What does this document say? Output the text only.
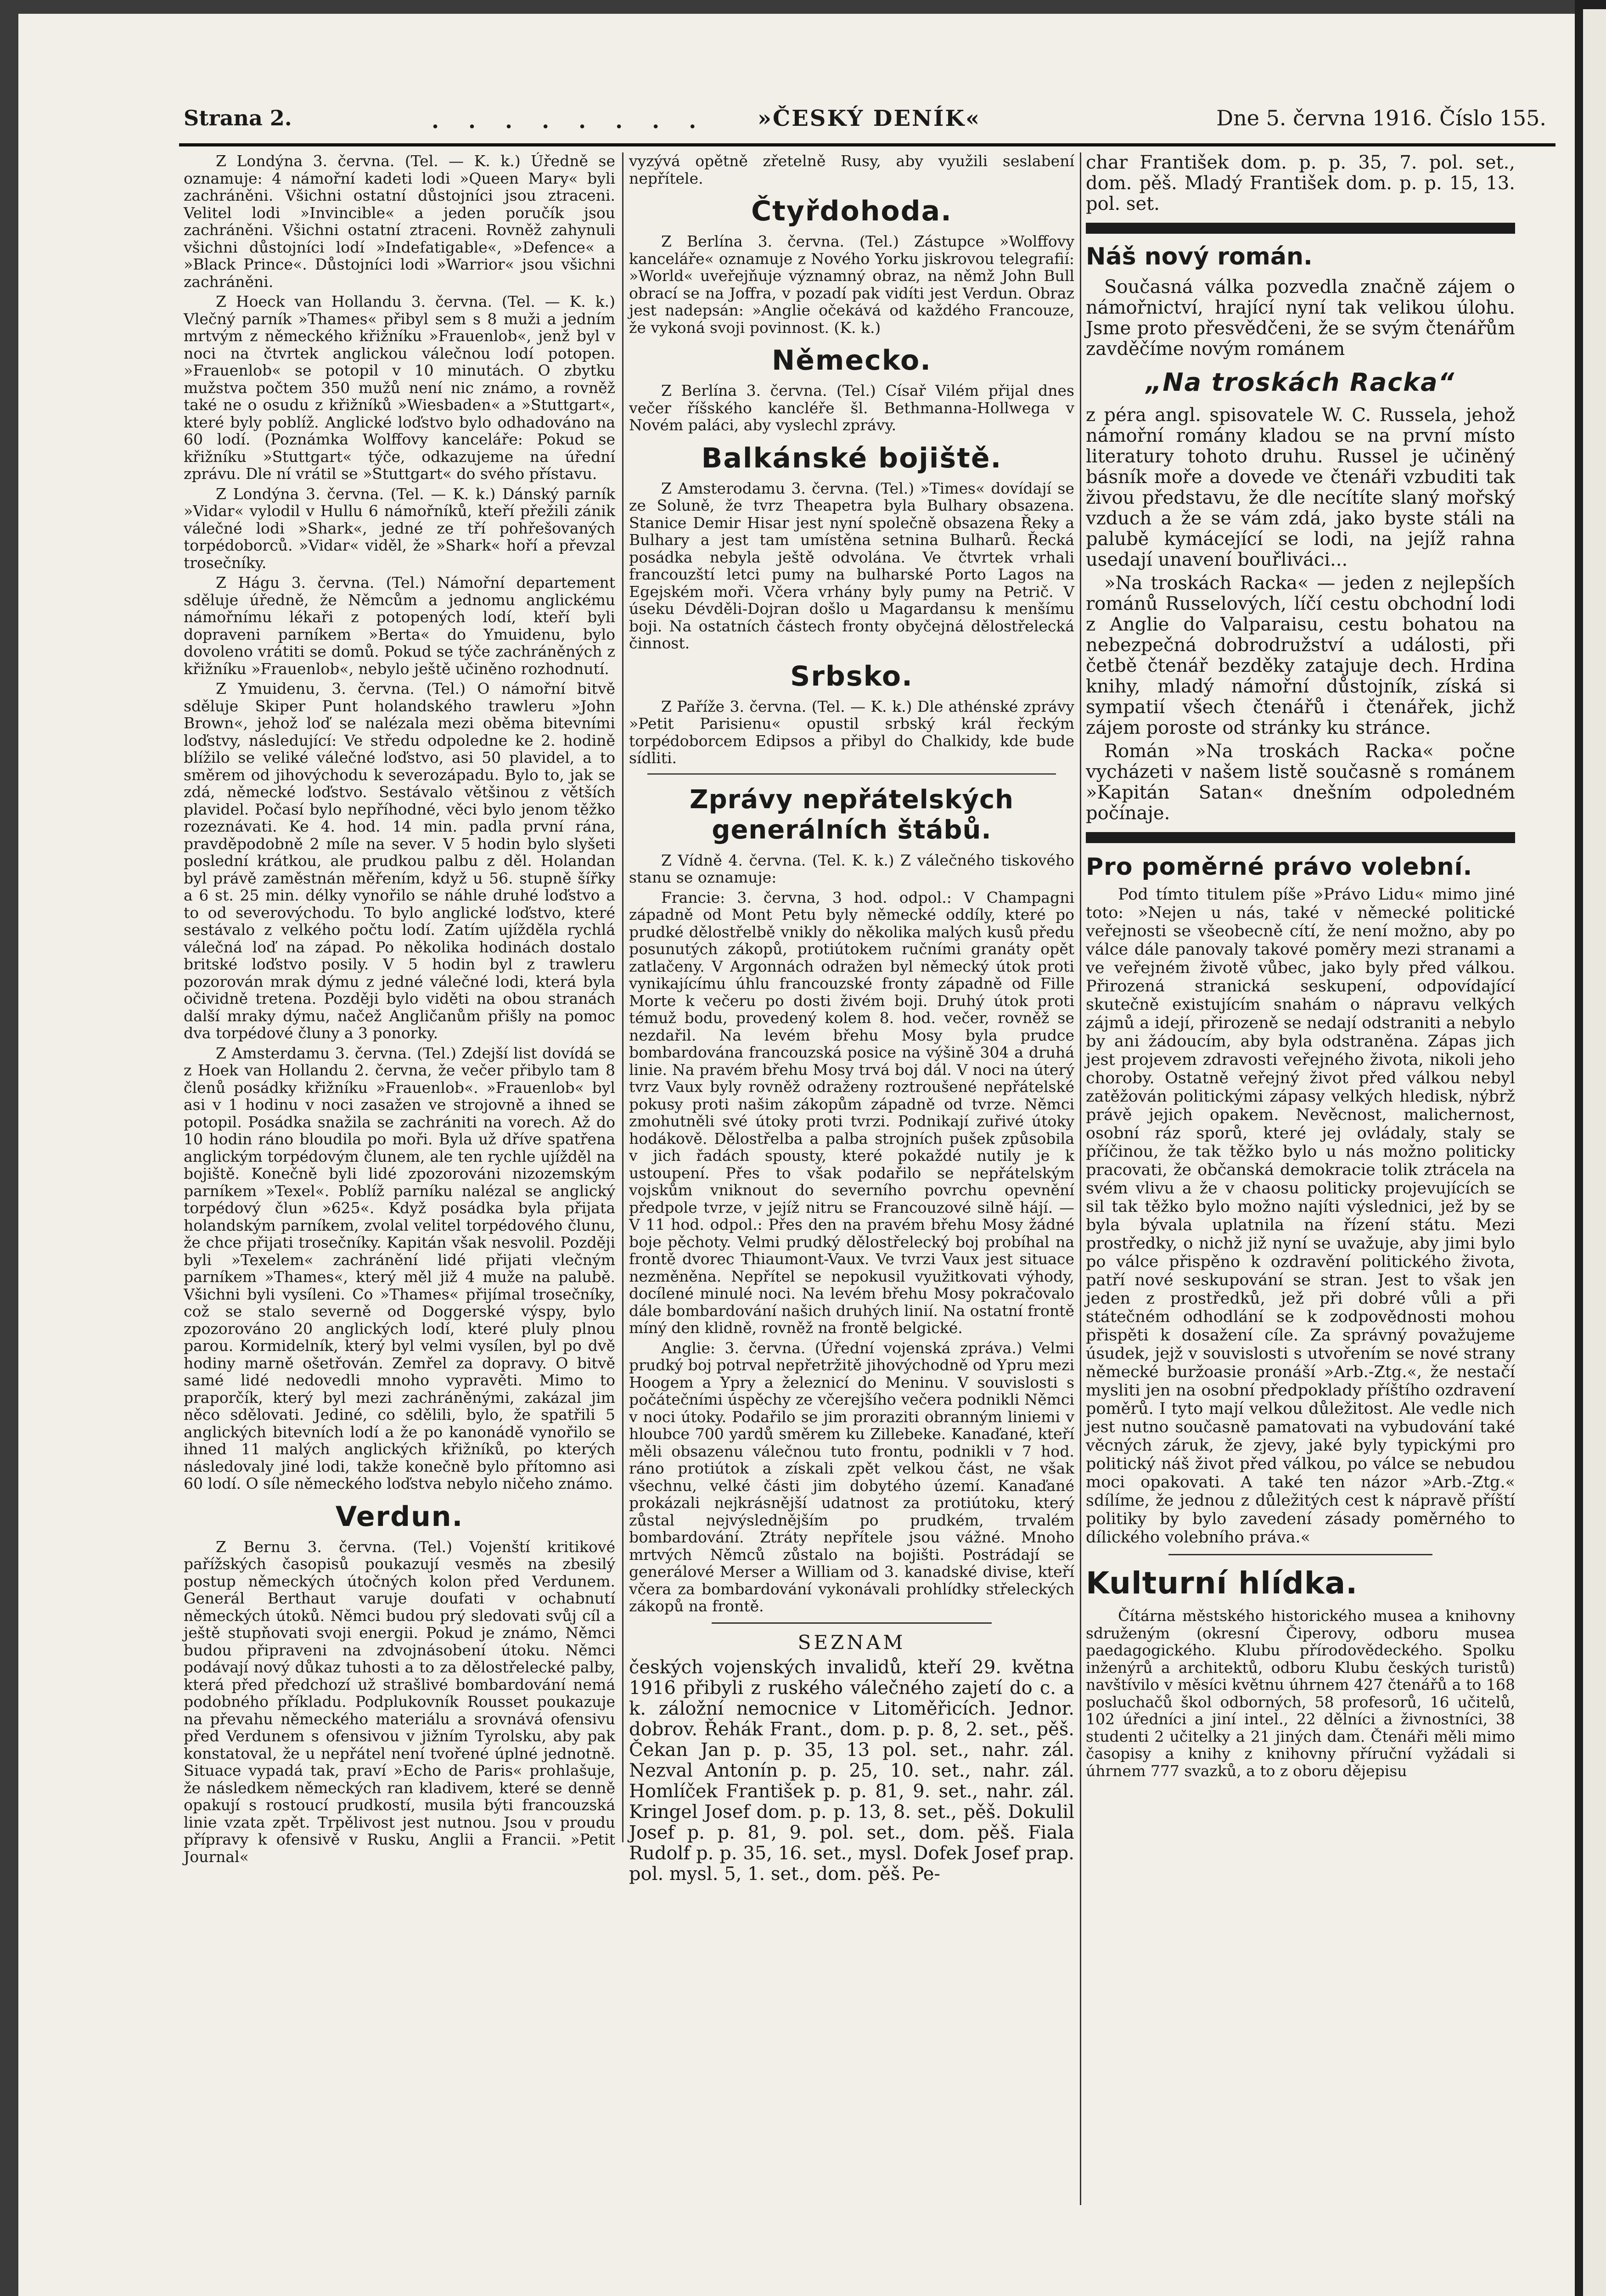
Strana 2.	. . . . . . . . »ČESKÝ DENÍK«	Dne 5. června 1916. Číslo 155.

Z Londýna 3. června. (Tel. — K. k.) Úředně se oznamuje: 4 námořní kadeti lodi »Queen Mary« byli zachráněni. Všichni ostatní důstojníci jsou ztraceni. Velitel lodi »Invincible« a jeden poručík jsou zachráněni. Všichni ostatní ztraceni. Rovněž zahynuli všichni důstojníci lodí »Indefatigable«, »Defence« a »Black Prince«. Důstojníci lodi »Warrior« jsou všichni zachráněni.

Z Hoeck van Hollandu 3. června. (Tel. — K. k.) Vlečný parník »Thames« přibyl sem s 8 muži a jedním mrtvým z německého křižníku »Frauenlob«, jenž byl v noci na čtvrtek anglickou válečnou lodí potopen. »Frauenlob« se potopil v 10 minutách. O zbytku mužstva počtem 350 mužů není nic známo, a rovněž také ne o osudu z křižníků »Wiesbaden« a »Stuttgart«, které byly poblíž. Anglické loďstvo bylo odhadováno na 60 lodí. (Poznámka Wolffovy kanceláře: Pokud se křižníku »Stuttgart« týče, odkazujeme na úřední zprávu. Dle ní vrátil se »Stuttgart« do svého přístavu.

Z Londýna 3. června. (Tel. — K. k.) Dánský parník »Vidar« vylodil v Hullu 6 námořníků, kteří přežili zánik válečné lodi »Shark«, jedné ze tří pohřešovaných torpédoborců. »Vidar« viděl, že »Shark« hoří a převzal trosečníky.

Z Hágu 3. června. (Tel.) Námořní departement sděluje úředně, že Němcům a jednomu anglickému námořnímu lékaři z potopených lodí, kteří byli dopraveni parníkem »Berta« do Ymuidenu, bylo dovoleno vrátiti se domů. Pokud se týče zachráněných z křižníku »Frauenlob«, nebylo ještě učiněno rozhodnutí.

Z Ymuidenu, 3. června. (Tel.) O námořní bitvě sděluje Skiper Punt holandského trawleru »John Brown«, jehož loď se nalézala mezi oběma bitevními loďstvy, následující: Ve středu odpoledne ke 2. hodině blížilo se veliké válečné loďstvo, asi 50 plavidel, a to směrem od jihovýchodu k severozápadu. Bylo to, jak se zdá, německé loďstvo. Sestávalo většinou z větších plavidel. Počasí bylo nepříhodné, věci bylo jenom těžko rozeznávati. Ke 4. hod. 14 min. padla první rána, pravděpodobně 2 míle na sever. V 5 hodin bylo slyšeti poslední krátkou, ale prudkou palbu z děl. Holandan byl právě zaměstnán měřením, když u 56. stupně šířky a 6 st. 25 min. délky vynořilo se náhle druhé loďstvo a to od severovýchodu. To bylo anglické loďstvo, které sestávalo z velkého počtu lodí. Zatím ujížděla rychlá válečná loď na západ. Po několika hodinách dostalo britské loďstvo posily. V 5 hodin byl z trawleru pozorován mrak dýmu z jedné válečné lodi, která byla očividně tretena. Později bylo viděti na obou stranách další mraky dýmu, načež Angličanům přišly na pomoc dva torpédové čluny a 3 ponorky.

Z Amsterdamu 3. června. (Tel.) Zdejší list dovídá se z Hoek van Hollandu 2. června, že večer přibylo tam 8 členů posádky křižníku »Frauenlob«. »Frauenlob« byl asi v 1 hodinu v noci zasažen ve strojovně a ihned se potopil. Posádka snažila se zachrániti na vorech. Až do 10 hodin ráno bloudila po moři. Byla už dříve spatřena anglickým torpédovým člunem, ale ten rychle ujížděl na bojiště. Konečně byli lidé zpozorováni nizozemským parníkem »Texel«. Poblíž parníku nalézal se anglický torpédový člun »625«. Když posádka byla přijata holandským parníkem, zvolal velitel torpédového člunu, že chce přijati trosečníky. Kapitán však nesvolil. Později byli »Texelem« zachránění lidé přijati vlečným parníkem »Thames«, který měl již 4 muže na palubě. Všichni byli vysíleni. Co »Thames« přijímal trosečníky, což se stalo severně od Doggerské výspy, bylo zpozorováno 20 anglických lodí, které pluly plnou parou. Kormidelník, který byl velmi vysílen, byl po dvě hodiny marně ošetřován. Zemřel za dopravy. O bitvě samé lidé nedovedli mnoho vypravěti. Mimo to praporčík, který byl mezi zachráněnými, zakázal jim něco sdělovati. Jediné, co sdělili, bylo, že spatřili 5 anglických bitevních lodí a že po kanonádě vynořilo se ihned 11 malých anglických křižníků, po kterých následovaly jiné lodi, takže konečně bylo přítomno asi 60 lodí. O síle německého loďstva nebylo ničeho známo.

Verdun.

Z Bernu 3. června. (Tel.) Vojenští kritikové pařížských časopisů poukazují vesměs na zbesilý postup německých útočných kolon před Verdunem. Generál Berthaut varuje doufati v ochabnutí německých útoků. Němci budou prý sledovati svůj cíl a ještě stupňovati svoji energii. Pokud je známo, Němci budou připraveni na zdvojnásobení útoku. Němci podávají nový důkaz tuhosti a to za dělostřelecké palby, která před předchozí už strašlivé bombardování nemá podobného příkladu. Podplukovník Rousset poukazuje na převahu německého materiálu a srovnává ofensivu před Verdunem s ofensivou v jižním Tyrolsku, aby pak konstatoval, že u nepřátel není tvořené úplné jednotně. Situace vypadá tak, praví »Echo de Paris« prohlašuje, že následkem německých ran kladivem, které se denně opakují s rostoucí prudkostí, musila býti francouzská linie vzata zpět. Trpělivost jest nutnou. Jsou v proudu přípravy k ofensivě v Rusku, Anglii a Francii. »Petit Journal«

vyzývá opětně zřetelně Rusy, aby využili seslabení nepřítele.

Čtyřdohoda.

Z Berlína 3. června. (Tel.) Zástupce »Wolffovy kanceláře« oznamuje z Nového Yorku jiskrovou telegrafií: »World« uveřejňuje významný obraz, na němž John Bull obrací se na Joffra, v pozadí pak vidíti jest Verdun. Obraz jest nadepsán: »Anglie očekává od každého Francouze, že vykoná svoji povinnost. (K. k.)

Německo.

Z Berlína 3. června. (Tel.) Císař Vilém přijal dnes večer říšského kancléře šl. Bethmanna-Hollwega v Novém paláci, aby vyslechl zprávy.

Balkánské bojiště.

Z Amsterodamu 3. června. (Tel.) »Times« dovídají se ze Soluně, že tvrz Theapetra byla Bulhary obsazena. Stanice Demir Hisar jest nyní společně obsazena Řeky a Bulhary a jest tam umístěna setnina Bulharů. Řecká posádka nebyla ještě odvolána. Ve čtvrtek vrhali francouzští letci pumy na bulharské Porto Lagos na Egejském moři. Včera vrhány byly pumy na Petrič. V úseku Dévděli-Dojran došlo u Magardansu k menšímu boji. Na ostatních částech fronty obyčejná dělostřelecká činnost.

Srbsko.

Z Paříže 3. června. (Tel. — K. k.) Dle athénské zprávy »Petit Parisienu« opustil srbský král řeckým torpédoborcem Edipsos a přibyl do Chalkidy, kde bude sídliti.

Zprávy nepřátelských generálních štábů.

Z Vídně 4. června. (Tel. K. k.) Z válečného tiskového stanu se oznamuje:

Francie: 3. června, 3 hod. odpol.: V Champagni západně od Mont Petu byly německé oddíly, které po prudké dělostřelbě vnikly do několika malých kusů předu posunutých zákopů, protiútokem ručními granáty opět zatlačeny. V Argonnách odražen byl německý útok proti vynikajícímu úhlu francouzské fronty západně od Fille Morte k večeru po dosti živém boji. Druhý útok proti témuž bodu, provedený kolem 8. hod. večer, rovněž se nezdařil. Na levém břehu Mosy byla prudce bombardována francouzská posice na výšině 304 a druhá linie. Na pravém břehu Mosy trvá boj dál. V noci na úterý tvrz Vaux byly rovněž odraženy roztroušené nepřátelské pokusy proti našim zákopům západně od tvrze. Němci zmohutněli své útoky proti tvrzi. Podnikají zuřivé útoky hodákově. Dělostřelba a palba strojních pušek způsobila v jich řadách spousty, které pokaždé nutily je k ustoupení. Přes to však podařilo se nepřátelským vojskům vniknout do severního povrchu opevnění předpole tvrze, v jejíž nitru se Francouzové silně hájí. — V 11 hod. odpol.: Přes den na pravém břehu Mosy žádné boje pěchoty. Velmi prudký dělostřelecký boj probíhal na frontě dvorec Thiaumont-Vaux. Ve tvrzi Vaux jest situace nezměněna. Nepřítel se nepokusil využitkovati výhody, docílené minulé noci. Na levém břehu Mosy pokračovalo dále bombardování našich druhých linií. Na ostatní frontě míný den klidně, rovněž na frontě belgické.

Anglie: 3. června. (Úřední vojenská zpráva.) Velmi prudký boj potrval nepřetržitě jihovýchodně od Ypru mezi Hoogem a Ypry a železnicí do Meninu. V souvislosti s počátečními úspěchy ze včerejšího večera podnikli Němci v noci útoky. Podařilo se jim proraziti obranným liniemi v hloubce 700 yardů směrem ku Zillebeke. Kanaďané, kteří měli obsazenu válečnou tuto frontu, podnikli v 7 hod. ráno protiútok a získali zpět velkou část, ne však všechnu, velké části jim dobytého území. Kanaďané prokázali nejkrásnější udatnost za protiútoku, který zůstal nejvýslednějším po prudkém, trvalém bombardování. Ztráty nepřítele jsou vážné. Mnoho mrtvých Němců zůstalo na bojišti. Postrádají se generálové Merser a William od 3. kanadské divise, kteří včera za bombardování vykonávali prohlídky střeleckých zákopů na frontě.

SEZNAM

českých vojenských invalidů, kteří 29. května 1916 přibyli z ruského válečného zajetí do c. a k. záložní nemocnice v Litoměřicích. Jednor. dobrov. Řehák Frant., dom. p. p. 8, 2. set., pěš. Čekan Jan p. p. 35, 13 pol. set., nahr. zál. Nezval Antonín p. p. 25, 10. set., nahr. zál. Homlíček František p. p. 81, 9. set., nahr. zál. Kringel Josef dom. p. p. 13, 8. set., pěš. Dokulil Josef p. p. 81, 9. pol. set., dom. pěš. Fiala Rudolf p. p. 35, 16. set., mysl. Dofek Josef prap. pol. mysl. 5, 1. set., dom. pěš. Pe-

char František dom. p. p. 35, 7. pol. set., dom. pěš. Mladý František dom. p. p. 15, 13. pol. set.

Náš nový román.

Současná válka pozvedla značně zájem o námořnictví, hrající nyní tak velikou úlohu. Jsme proto přesvědčeni, že se svým čtenářům zavděčíme novým románem

„Na troskách Racka“

z péra angl. spisovatele W. C. Russela, jehož námořní romány kladou se na první místo literatury tohoto druhu. Russel je učiněný básník moře a dovede ve čtenáři vzbuditi tak živou představu, že dle necítíte slaný mořský vzduch a že se vám zdá, jako byste stáli na palubě kymácející se lodi, na jejíž rahna usedají unavení bouřliváci...

»Na troskách Racka« — jeden z nejlepších románů Russelových, líčí cestu obchodní lodi z Anglie do Valparaisu, cestu bohatou na nebezpečná dobrodružství a události, při četbě čtenář bezděky zatajuje dech. Hrdina knihy, mladý námořní důstojník, získá si sympatií všech čtenářů i čtenářek, jichž zájem poroste od stránky ku stránce.

Román »Na troskách Racka« počne vycházeti v našem listě současně s románem »Kapitán Satan« dnešním odpoledném počínaje.

Pro poměrné právo volební.

Pod tímto titulem píše »Právo Lidu« mimo jiné toto: »Nejen u nás, také v německé politické veřejnosti se všeobecně cítí, že není možno, aby po válce dále panovaly takové poměry mezi stranami a ve veřejném životě vůbec, jako byly před válkou. Přirozená stranická seskupení, odpovídající skutečně existujícím snahám o nápravu velkých zájmů a idejí, přirozeně se nedají odstraniti a nebylo by ani žádoucím, aby byla odstraněna. Zápas jich jest projevem zdravosti veřejného života, nikoli jeho choroby. Ostatně veřejný život před válkou nebyl zatěžován politickými zápasy velkých hledisk, nýbrž právě jejich opakem. Nevěcnost, malichernost, osobní ráz sporů, které jej ovládaly, staly se příčinou, že tak těžko bylo u nás možno politicky pracovati, že občanská demokracie tolik ztrácela na svém vlivu a že v chaosu politicky projevujících se sil tak těžko bylo možno najíti výslednici, jež by se byla bývala uplatnila na řízení státu. Mezi prostředky, o nichž již nyní se uvažuje, aby jimi bylo po válce přispěno k ozdravění politického života, patří nové seskupování se stran. Jest to však jen jeden z prostředků, jež při dobré vůli a při státečném odhodlání se k zodpovědnosti mohou přispěti k dosažení cíle. Za správný považujeme úsudek, jejž v souvislosti s utvořením se nové strany německé buržoasie pronáší »Arb.-Ztg.«, že nestačí mysliti jen na osobní předpoklady příštího ozdravení poměrů. I tyto mají velkou důležitost. Ale vedle nich jest nutno současně pamatovati na vybudování také věcných záruk, že zjevy, jaké byly typickými pro politický náš život před válkou, po válce se nebudou moci opakovati. A také ten názor »Arb.-Ztg.« sdílíme, že jednou z důležitých cest k nápravě příští politiky by bylo zavedení zásady poměrného to dílického volebního práva.«

Kulturní hlídka.

Čítárna městského historického musea a knihovny sdruženým (okresní Čiperovy, odboru musea paedagogického. Klubu přírodovědeckého. Spolku inženýrů a architektů, odboru Klubu českých turistů) navštívilo v měsíci květnu úhrnem 427 čtenářů a to 168 posluchačů škol odborných, 58 profesorů, 16 učitelů, 102 úředníci a jiní intel., 22 dělníci a živnostníci, 38 studenti 2 učitelky a 21 jiných dam. Čtenáři měli mimo časopisy a knihy z knihovny příruční vyžádali si úhrnem 777 svazků, a to z oboru dějepisu
